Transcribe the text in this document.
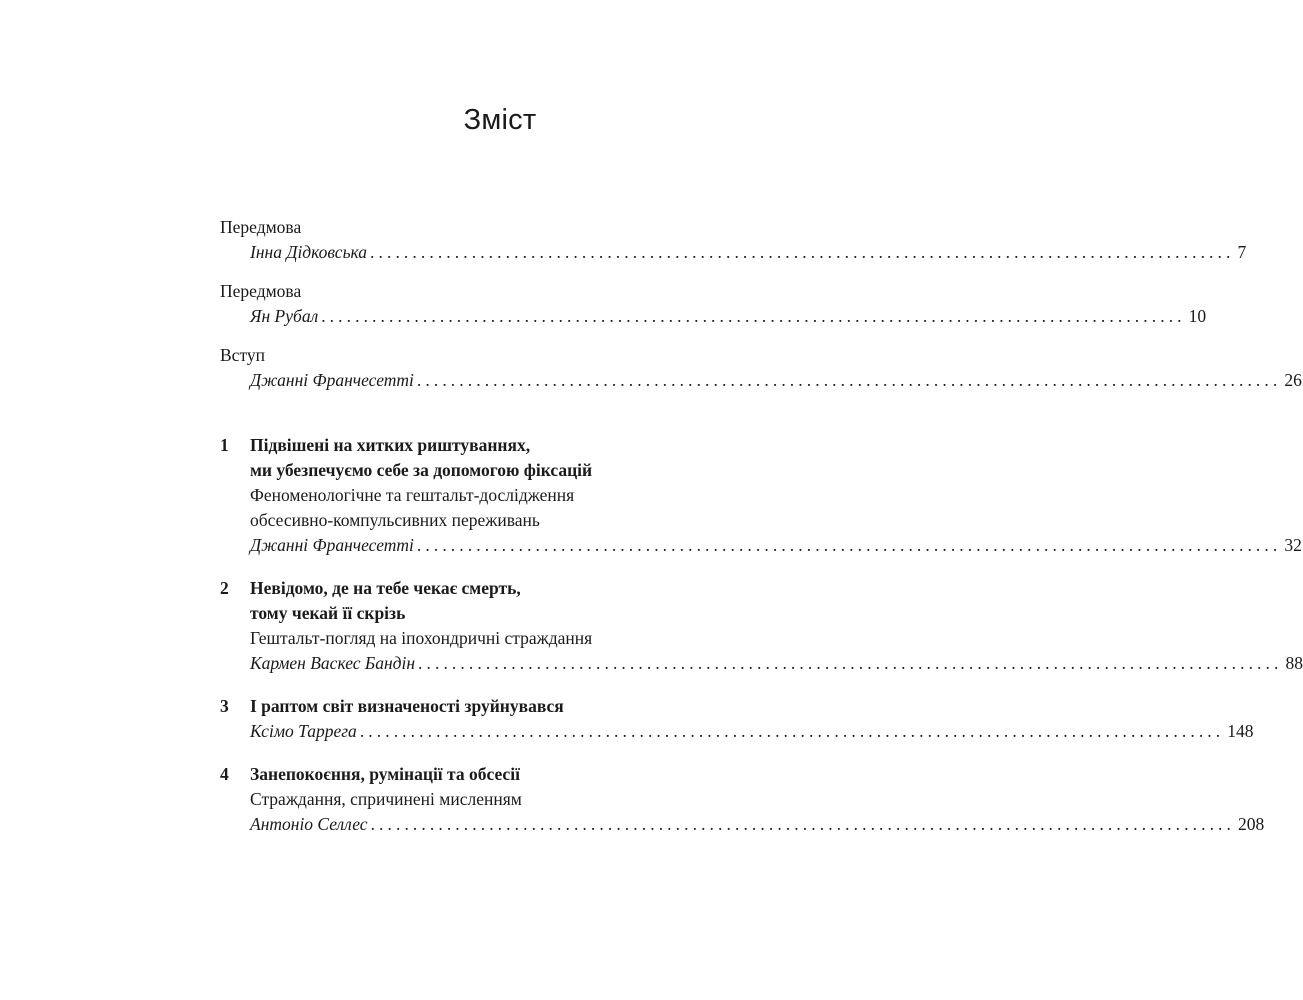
Зміст
Передмова
Інна Дідковська ...................................................................................................... 7
Передмова
Ян Рубал ...................................................................................................... 10
Вступ
Джанні Франчесетті ...................................................................................................... 26
1	Підвішені на хитких риштуваннях,
ми убезпечуємо себе за допомогою фіксацій
Феноменологічне та гештальт-дослідження
обсесивно-компульсивних переживань
Джанні Франчесетті ...................................................................................................... 32
2	Невідомо, де на тебе чекає смерть,
тому чекай її скрізь
Гештальт-погляд на іпохондричні страждання
Кармен Васкес Бандін ...................................................................................................... 88
3	І раптом світ визначеності зруйнувався
Ксімо Таррега ...................................................................................................... 148
4	Занепокоєння, румінації та обсесії
Страждання, спричинені мисленням
Антоніо Селлес ...................................................................................................... 208
